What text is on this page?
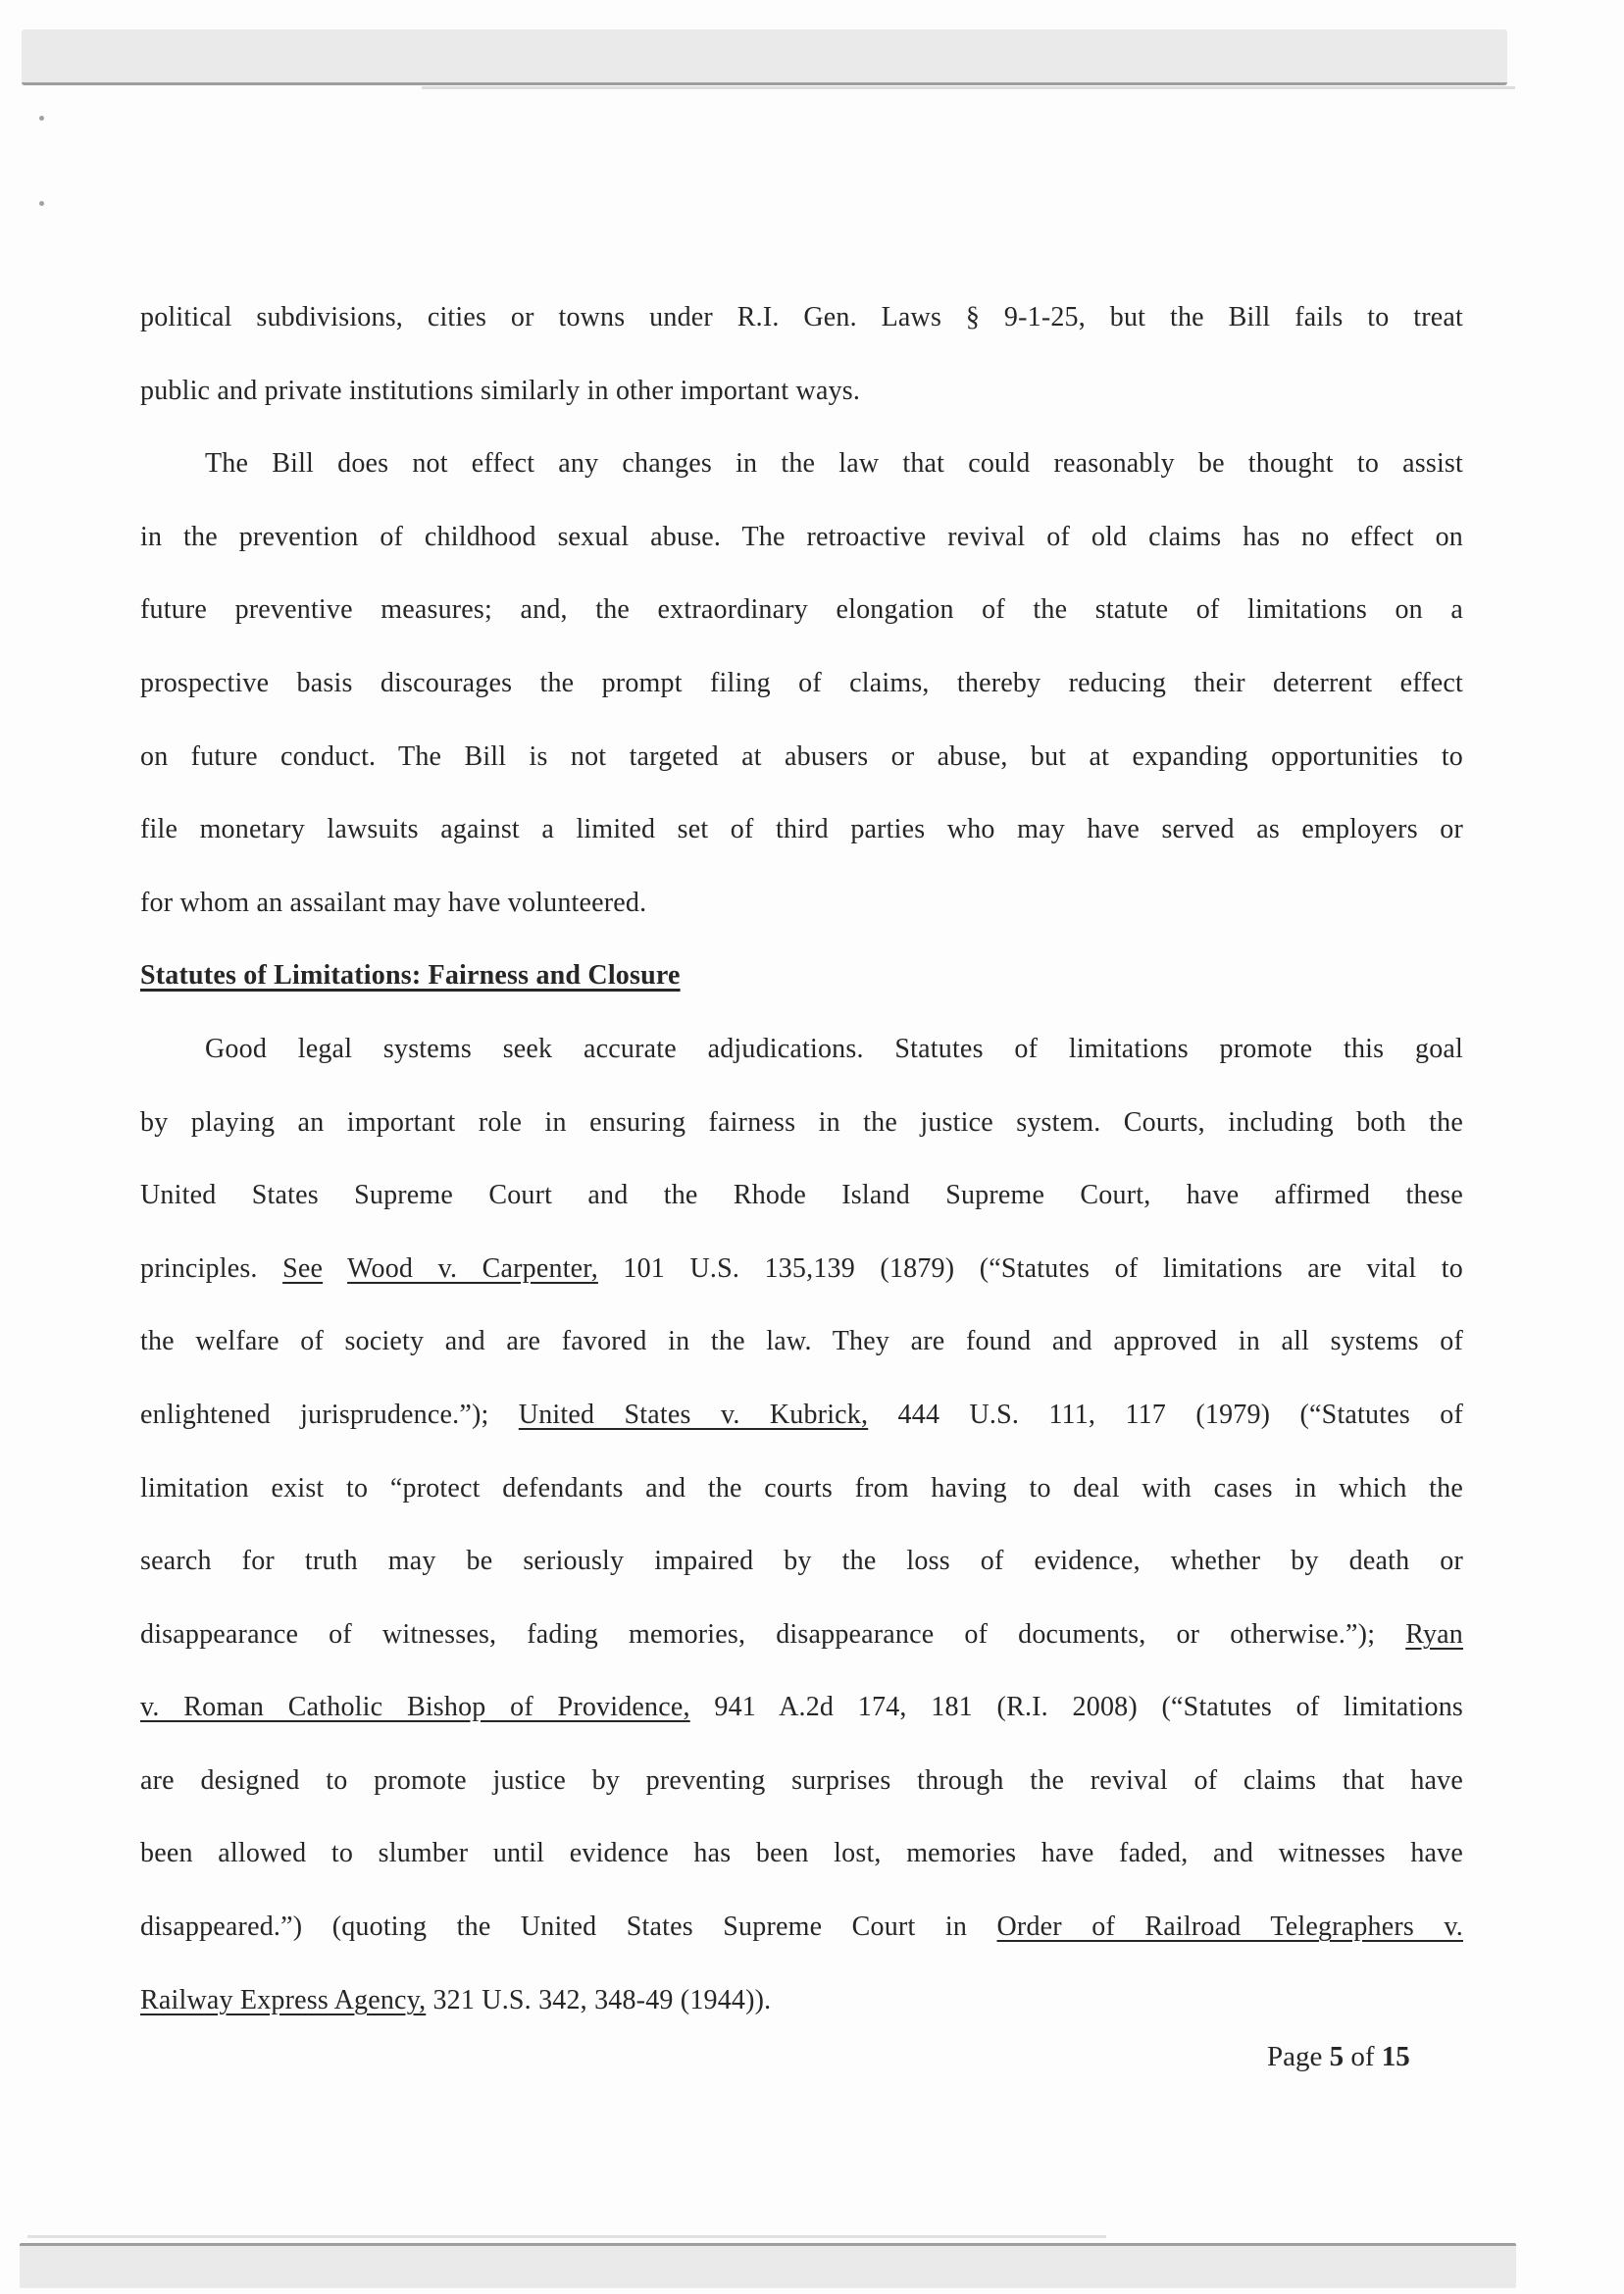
political subdivisions, cities or towns under R.I. Gen. Laws § 9-1-25, but the Bill fails to treat
public and private institutions similarly in other important ways.
The Bill does not effect any changes in the law that could reasonably be thought to assist
in the prevention of childhood sexual abuse. The retroactive revival of old claims has no effect on
future preventive measures; and, the extraordinary elongation of the statute of limitations on a
prospective basis discourages the prompt filing of claims, thereby reducing their deterrent effect
on future conduct. The Bill is not targeted at abusers or abuse, but at expanding opportunities to
file monetary lawsuits against a limited set of third parties who may have served as employers or
for whom an assailant may have volunteered.
Statutes of Limitations: Fairness and Closure
Good legal systems seek accurate adjudications. Statutes of limitations promote this goal
by playing an important role in ensuring fairness in the justice system. Courts, including both the
United States Supreme Court and the Rhode Island Supreme Court, have affirmed these
principles. See Wood v. Carpenter, 101 U.S. 135,139 (1879) (“Statutes of limitations are vital to
the welfare of society and are favored in the law. They are found and approved in all systems of
enlightened jurisprudence.”); United States v. Kubrick, 444 U.S. 111, 117 (1979) (“Statutes of
limitation exist to “protect defendants and the courts from having to deal with cases in which the
search for truth may be seriously impaired by the loss of evidence, whether by death or
disappearance of witnesses, fading memories, disappearance of documents, or otherwise.”); Ryan
v. Roman Catholic Bishop of Providence, 941 A.2d 174, 181 (R.I. 2008) (“Statutes of limitations
are designed to promote justice by preventing surprises through the revival of claims that have
been allowed to slumber until evidence has been lost, memories have faded, and witnesses have
disappeared.”) (quoting the United States Supreme Court in Order of Railroad Telegraphers v.
Railway Express Agency, 321 U.S. 342, 348-49 (1944)).
Page 5 of 15
